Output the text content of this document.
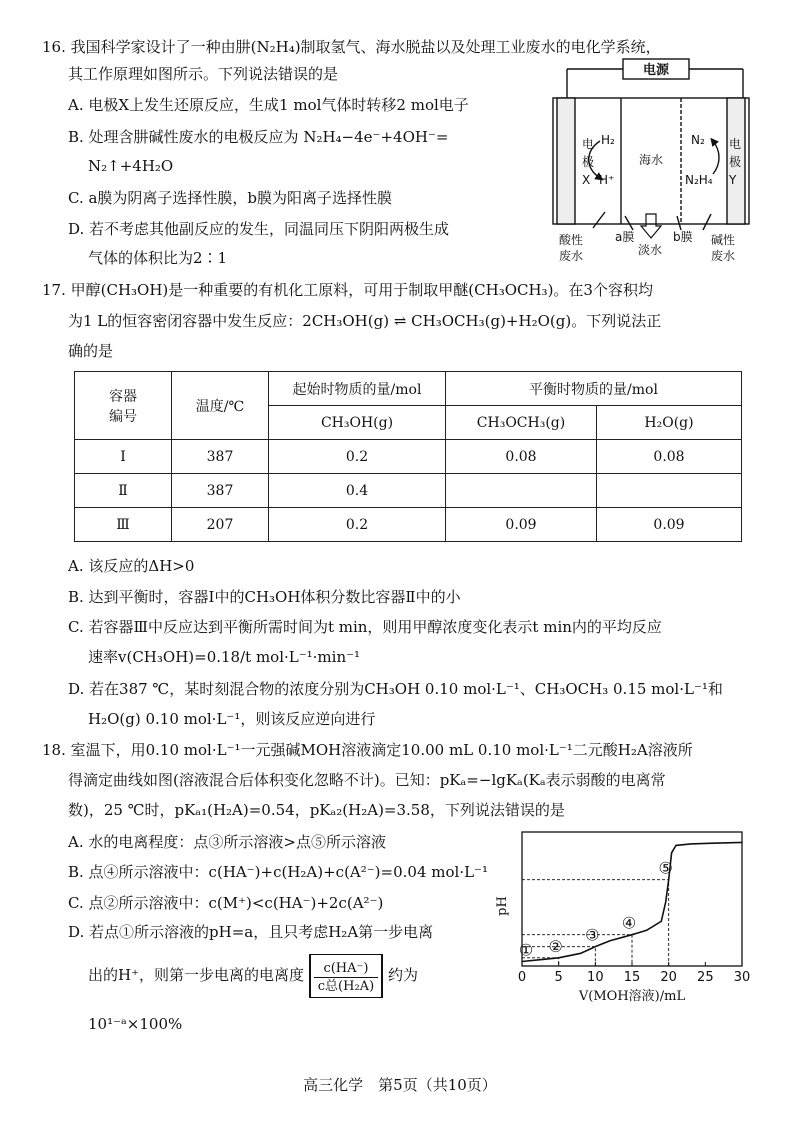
16. 我国科学家设计了一种由肼(N₂H₄)制取氢气、海水脱盐以及处理工业废水的电化学系统，
其工作原理如图所示。下列说法错误的是
A. 电极X上发生还原反应，生成1 mol气体时转移2 mol电子
B. 处理含肼碱性废水的电极反应为 N₂H₄−4e⁻+4OH⁻=
N₂↑+4H₂O
C. a膜为阴离子选择性膜，b膜为阳离子选择性膜
D. 若不考虑其他副反应的发生，同温同压下阴阳两极生成
气体的体积比为2∶1
电源
电
极
X
H₂
H⁺
海水
N₂
N₂H₄
电
极
Y
酸性
废水
a膜
淡水
b膜 碱性
废水
17. 甲醇(CH₃OH)是一种重要的有机化工原料，可用于制取甲醚(CH₃OCH₃)。在3个容积均
为1 L的恒容密闭容器中发生反应：2CH₃OH(g) ⇌ CH₃OCH₃(g)+H₂O(g)。下列说法正
确的是
容器
编号	温度/℃	起始时物质的量/mol	平衡时物质的量/mol	
		CH₃OH(g)	CH₃OCH₃(g)	H₂O(g)
Ⅰ	387	0.2	0.08	0.08
Ⅱ	387	0.4		
Ⅲ	207	0.2	0.09	0.09
A. 该反应的ΔH>0
B. 达到平衡时，容器Ⅰ中的CH₃OH体积分数比容器Ⅱ中的小
C. 若容器Ⅲ中反应达到平衡所需时间为t min，则用甲醇浓度变化表示t min内的平均反应
速率v(CH₃OH)=0.18/t mol·L⁻¹·min⁻¹
D. 若在387 ℃，某时刻混合物的浓度分别为CH₃OH 0.10 mol·L⁻¹、CH₃OCH₃ 0.15 mol·L⁻¹和
H₂O(g) 0.10 mol·L⁻¹，则该反应逆向进行
18. 室温下，用0.10 mol·L⁻¹一元强碱MOH溶液滴定10.00 mL 0.10 mol·L⁻¹二元酸H₂A溶液所
得滴定曲线如图(溶液混合后体积变化忽略不计)。已知：pKₐ=−lgKₐ(Kₐ表示弱酸的电离常
数)，25 ℃时，pKₐ₁(H₂A)=0.54，pKₐ₂(H₂A)=3.58，下列说法错误的是
A. 水的电离程度：点③所示溶液>点⑤所示溶液
B. 点④所示溶液中：c(HA⁻)+c(H₂A)+c(A²⁻)=0.04 mol·L⁻¹
C. 点②所示溶液中：c(M⁺)<c(HA⁻)+2c(A²⁻)
D. 若点①所示溶液的pH=a，且只考虑H₂A第一步电离
出的H⁺，则第一步电离的电离度 $\frac{c(HA^-)}{\text{c总(H₂A)}}$ 约为
10¹⁻ᵃ×100%
① ②
③
④
⑤
0 5 10 15 20 25 30
pH
V(MOH溶液)/mL
高三化学　第5页（共10页）
